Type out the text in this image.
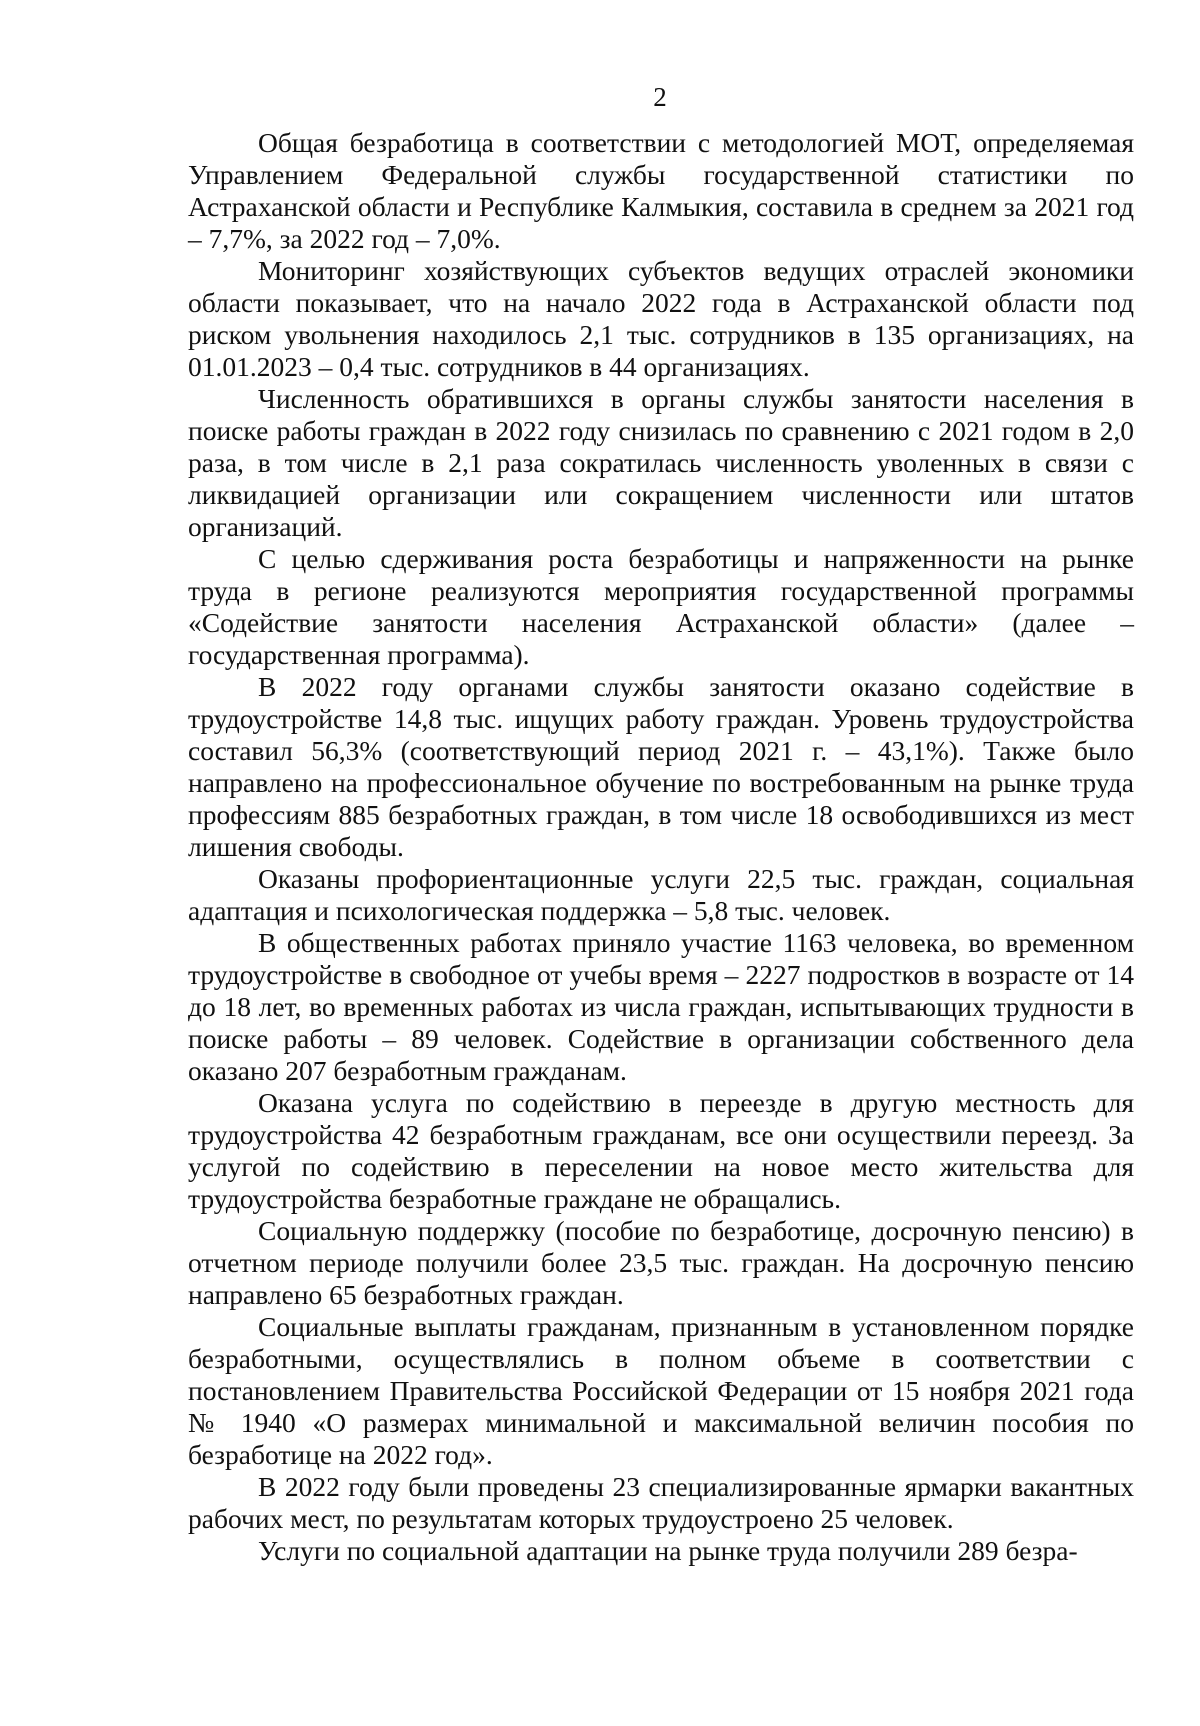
2

Общая безработица в соответствии с методологией МОТ, определяемая Управлением Федеральной службы государственной статистики по Астраханской области и Республике Калмыкия, составила в среднем за 2021 год – 7,7%, за 2022 год – 7,0%.

Мониторинг хозяйствующих субъектов ведущих отраслей экономики области показывает, что на начало 2022 года в Астраханской области под риском увольнения находилось 2,1 тыс. сотрудников в 135 организациях, на 01.01.2023 – 0,4 тыс. сотрудников в 44 организациях.

Численность обратившихся в органы службы занятости населения в поиске работы граждан в 2022 году снизилась по сравнению с 2021 годом в 2,0 раза, в том числе в 2,1 раза сократилась численность уволенных в связи с ликвидацией организации или сокращением численности или штатов организаций.

С целью сдерживания роста безработицы и напряженности на рынке труда в регионе реализуются мероприятия государственной программы «Содействие занятости населения Астраханской области» (далее – государственная программа).

В 2022 году органами службы занятости оказано содействие в трудоустройстве 14,8 тыс. ищущих работу граждан. Уровень трудоустройства составил 56,3% (соответствующий период 2021 г. – 43,1%). Также было направлено на профессиональное обучение по востребованным на рынке труда профессиям 885 безработных граждан, в том числе 18 освободившихся из мест лишения свободы.

Оказаны профориентационные услуги 22,5 тыс. граждан, социальная адаптация и психологическая поддержка – 5,8 тыс. человек.

В общественных работах приняло участие 1163 человека, во временном трудоустройстве в свободное от учебы время – 2227 подростков в возрасте от 14 до 18 лет, во временных работах из числа граждан, испытывающих трудности в поиске работы – 89 человек. Содействие в организации собственного дела оказано 207 безработным гражданам.

Оказана услуга по содействию в переезде в другую местность для трудоустройства 42 безработным гражданам, все они осуществили переезд. За услугой по содействию в переселении на новое место жительства для трудоустройства безработные граждане не обращались.

Социальную поддержку (пособие по безработице, досрочную пенсию) в отчетном периоде получили более 23,5 тыс. граждан. На досрочную пенсию направлено 65 безработных граждан.

Социальные выплаты гражданам, признанным в установленном порядке безработными, осуществлялись в полном объеме в соответствии с постановлением Правительства Российской Федерации от 15 ноября 2021 года № 1940 «О размерах минимальной и максимальной величин пособия по безработице на 2022 год».

В 2022 году были проведены 23 специализированные ярмарки вакантных рабочих мест, по результатам которых трудоустроено 25 человек.

Услуги по социальной адаптации на рынке труда получили 289 безра-
